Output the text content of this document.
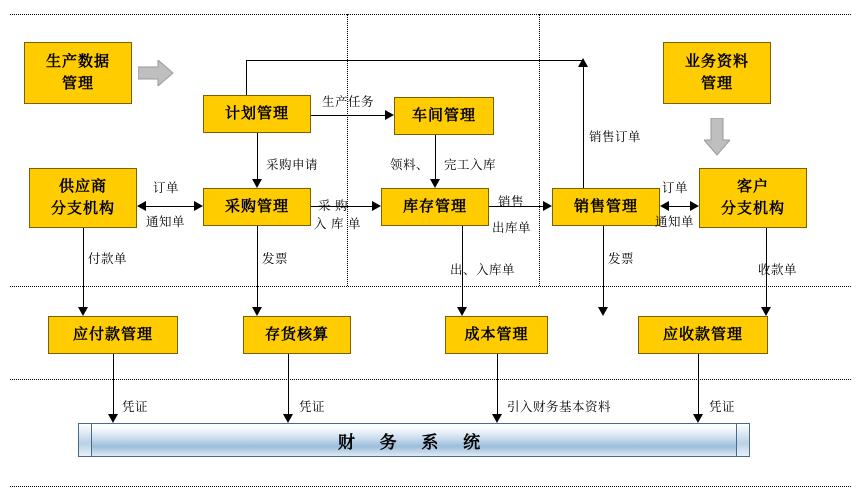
生产数据
管理
业务资料
管理
计划管理	车间管理
供应商
分支机构	采购管理	库存管理	销售管理
客户
分支机构
应付款管理	存货核算	成本管理	应收款管理
财 务 系 统
生产任务
采购申请	领料、 完工入库
销售订单
订单
通知单
采 购
入 库 单
销售
出库单
订单
通知单
付款单	发票
出、入库单
发票
收款单
凭证	凭证	引入财务基本资料	凭证
